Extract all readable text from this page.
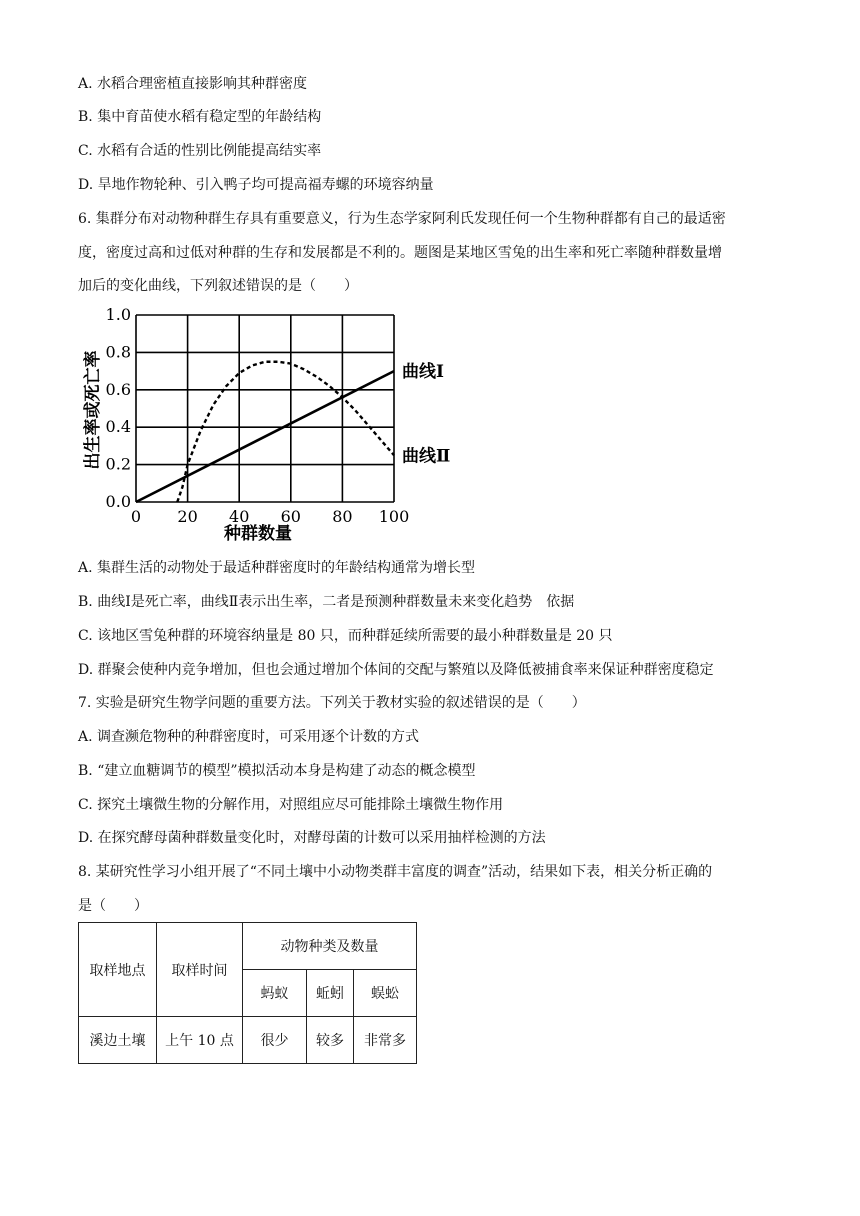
A. 水稻合理密植直接影响其种群密度
B. 集中育苗使水稻有稳定型的年龄结构
C. 水稻有合适的性别比例能提高结实率
D. 旱地作物轮种、引入鸭子均可提高福寿螺的环境容纳量
6. 集群分布对动物种群生存具有重要意义，行为生态学家阿利氏发现任何一个生物种群都有自己的最适密
度，密度过高和过低对种群的生存和发展都是不利的。题图是某地区雪兔的出生率和死亡率随种群数量增
加后的变化曲线，下列叙述错误的是（　　）
曲线Ⅰ
曲线Ⅱ
0 20 40 60 80 100
0.0
0.2
0.4
0.6
0.8
1.0
出生率或死亡率
种群数量
A. 集群生活的动物处于最适种群密度时的年龄结构通常为增长型
B. 曲线Ⅰ是死亡率，曲线Ⅱ表示出生率，二者是预测种群数量未来变化趋势　依据
C. 该地区雪兔种群的环境容纳量是 80 只，而种群延续所需要的最小种群数量是 20 只
D. 群聚会使种内竞争增加，但也会通过增加个体间的交配与繁殖以及降低被捕食率来保证种群密度稳定
7. 实验是研究生物学问题的重要方法。下列关于教材实验的叙述错误的是（　　）
A. 调查濒危物种的种群密度时，可采用逐个计数的方式
B. “建立血糖调节的模型”模拟活动本身是构建了动态的概念模型
C. 探究土壤微生物的分解作用，对照组应尽可能排除土壤微生物作用
D. 在探究酵母菌种群数量变化时，对酵母菌的计数可以采用抽样检测的方法
8. 某研究性学习小组开展了“不同土壤中小动物类群丰富度的调查”活动，结果如下表，相关分析正确的
是（　　）
取样地点	取样时间	动物种类及数量		
		蚂蚁	蚯蚓	蜈蚣
溪边土壤	上午 10 点	很少	较多	非常多
